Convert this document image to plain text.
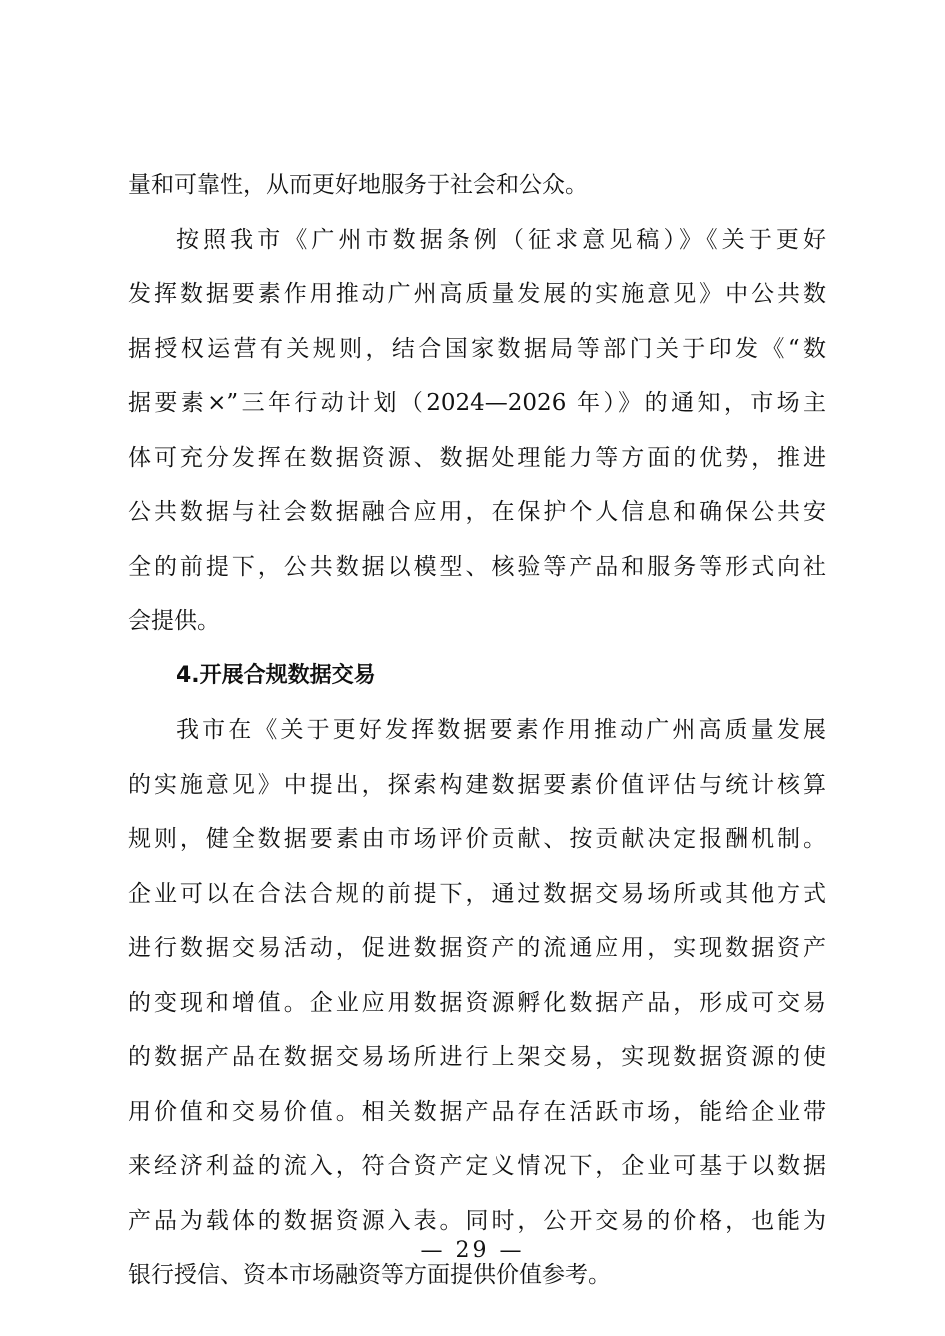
量和可靠性，从而更好地服务于社会和公众。
按照我市《广州市数据条例（征求意见稿）》《关于更好
发挥数据要素作用推动广州高质量发展的实施意见》中公共数
据授权运营有关规则，结合国家数据局等部门关于印发《“数
据要素×”三年行动计划（2024—2026 年）》的通知，市场主
体可充分发挥在数据资源、数据处理能力等方面的优势，推进
公共数据与社会数据融合应用，在保护个人信息和确保公共安
全的前提下，公共数据以模型、核验等产品和服务等形式向社
会提供。
4.开展合规数据交易
我市在《关于更好发挥数据要素作用推动广州高质量发展
的实施意见》中提出，探索构建数据要素价值评估与统计核算
规则，健全数据要素由市场评价贡献、按贡献决定报酬机制。
企业可以在合法合规的前提下，通过数据交易场所或其他方式
进行数据交易活动，促进数据资产的流通应用，实现数据资产
的变现和增值。企业应用数据资源孵化数据产品，形成可交易
的数据产品在数据交易场所进行上架交易，实现数据资源的使
用价值和交易价值。相关数据产品存在活跃市场，能给企业带
来经济利益的流入，符合资产定义情况下，企业可基于以数据
产品为载体的数据资源入表。同时，公开交易的价格，也能为
银行授信、资本市场融资等方面提供价值参考。
— 29 —
